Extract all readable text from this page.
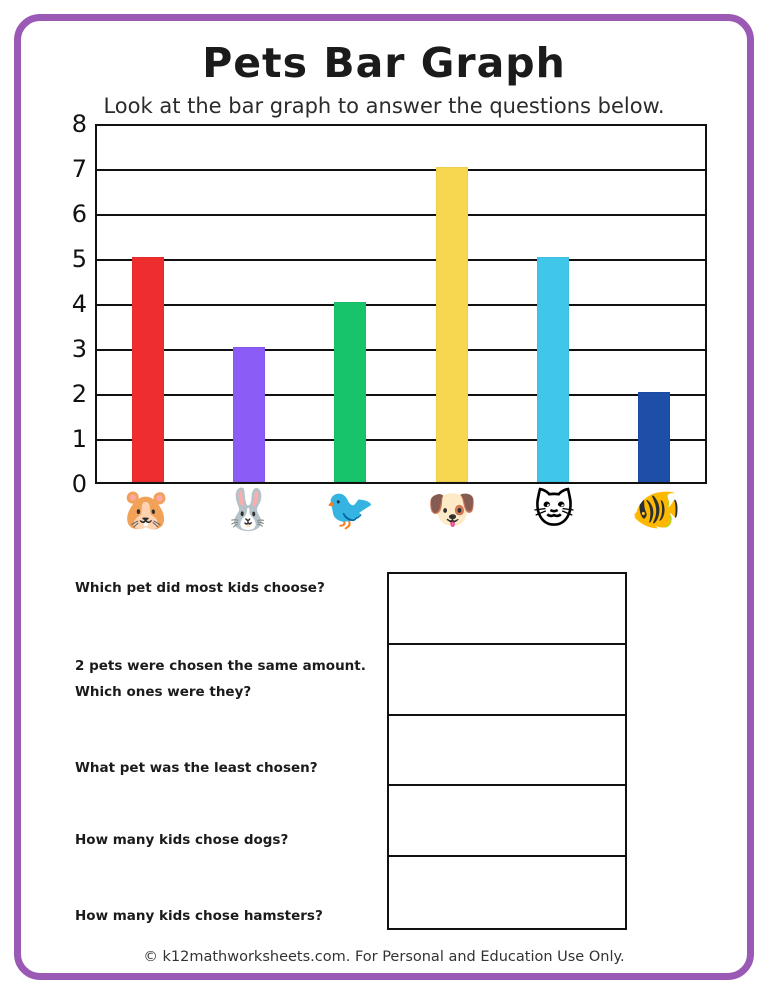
Pets Bar Graph
Look at the bar graph to answer the questions below.
0
1
2
3
4
5
6
7
8
🐹 🐰 🐦 🐶 🐱 🐠
Which pet did most kids choose?
2 pets were chosen the same amount.
Which ones were they?
What pet was the least chosen?
How many kids chose dogs?
How many kids chose hamsters?
© k12mathworksheets.com. For Personal and Education Use Only.
